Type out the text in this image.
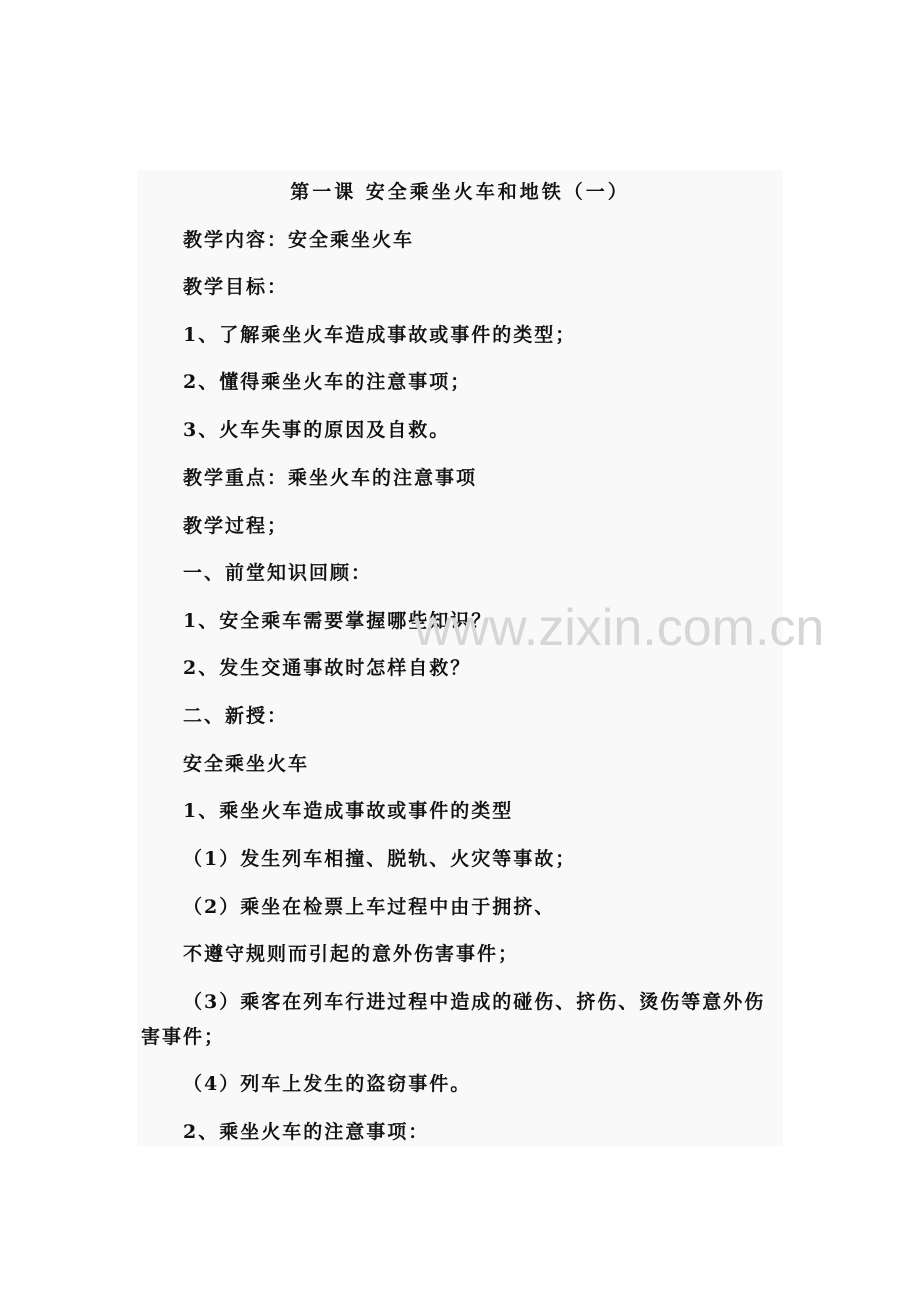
第一课 安全乘坐火车和地铁（一）
教学内容：安全乘坐火车
教学目标：
1、了解乘坐火车造成事故或事件的类型；
2、懂得乘坐火车的注意事项；
3、火车失事的原因及自救。
教学重点：乘坐火车的注意事项
教学过程；
一、前堂知识回顾：
1、安全乘车需要掌握哪些知识？
2、发生交通事故时怎样自救？
二、新授：
安全乘坐火车
1、乘坐火车造成事故或事件的类型
（1）发生列车相撞、脱轨、火灾等事故；
（2）乘坐在检票上车过程中由于拥挤、
不遵守规则而引起的意外伤害事件；
（3）乘客在列车行进过程中造成的碰伤、挤伤、烫伤等意外伤
害事件；
（4）列车上发生的盗窃事件。
2、乘坐火车的注意事项：
www.zixin.com.cn
